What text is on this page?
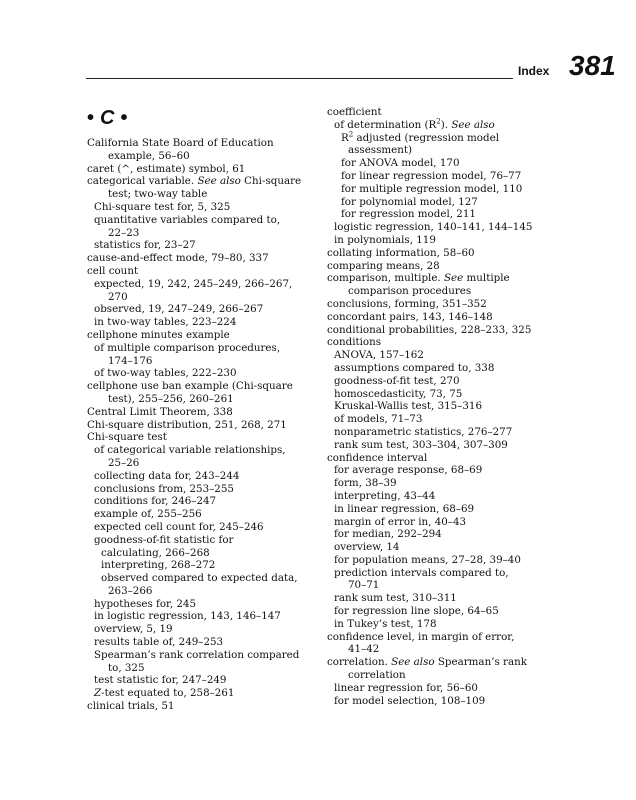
Index 381
• C •
California State Board of Education
example, 56–60
caret (^, estimate) symbol, 61
categorical variable. See also Chi-square
test; two-way table
Chi-square test for, 5, 325
quantitative variables compared to,
22–23
statistics for, 23–27
cause-and-effect mode, 79–80, 337
cell count
expected, 19, 242, 245–249, 266–267,
270
observed, 19, 247–249, 266–267
in two-way tables, 223–224
cellphone minutes example
of multiple comparison procedures,
174–176
of two-way tables, 222–230
cellphone use ban example (Chi-square
test), 255–256, 260–261
Central Limit Theorem, 338
Chi-square distribution, 251, 268, 271
Chi-square test
of categorical variable relationships,
25–26
collecting data for, 243–244
conclusions from, 253–255
conditions for, 246–247
example of, 255–256
expected cell count for, 245–246
goodness-of-fit statistic for
calculating, 266–268
interpreting, 268–272
observed compared to expected data,
263–266
hypotheses for, 245
in logistic regression, 143, 146–147
overview, 5, 19
results table of, 249–253
Spearman’s rank correlation compared
to, 325
test statistic for, 247–249
Z-test equated to, 258–261
clinical trials, 51
coefficient
of determination $(R^2)$. See also
$R^2$ adjusted (regression model
assessment)
for ANOVA model, 170
for linear regression model, 76–77
for multiple regression model, 110
for polynomial model, 127
for regression model, 211
logistic regression, 140–141, 144–145
in polynomials, 119
collating information, 58–60
comparing means, 28
comparison, multiple. See multiple
comparison procedures
conclusions, forming, 351–352
concordant pairs, 143, 146–148
conditional probabilities, 228–233, 325
conditions
ANOVA, 157–162
assumptions compared to, 338
goodness-of-fit test, 270
homoscedasticity, 73, 75
Kruskal-Wallis test, 315–316
of models, 71–73
nonparametric statistics, 276–277
rank sum test, 303–304, 307–309
confidence interval
for average response, 68–69
form, 38–39
interpreting, 43–44
in linear regression, 68–69
margin of error in, 40–43
for median, 292–294
overview, 14
for population means, 27–28, 39–40
prediction intervals compared to,
70–71
rank sum test, 310–311
for regression line slope, 64–65
in Tukey’s test, 178
confidence level, in margin of error,
41–42
correlation. See also Spearman’s rank
correlation
linear regression for, 56–60
for model selection, 108–109
